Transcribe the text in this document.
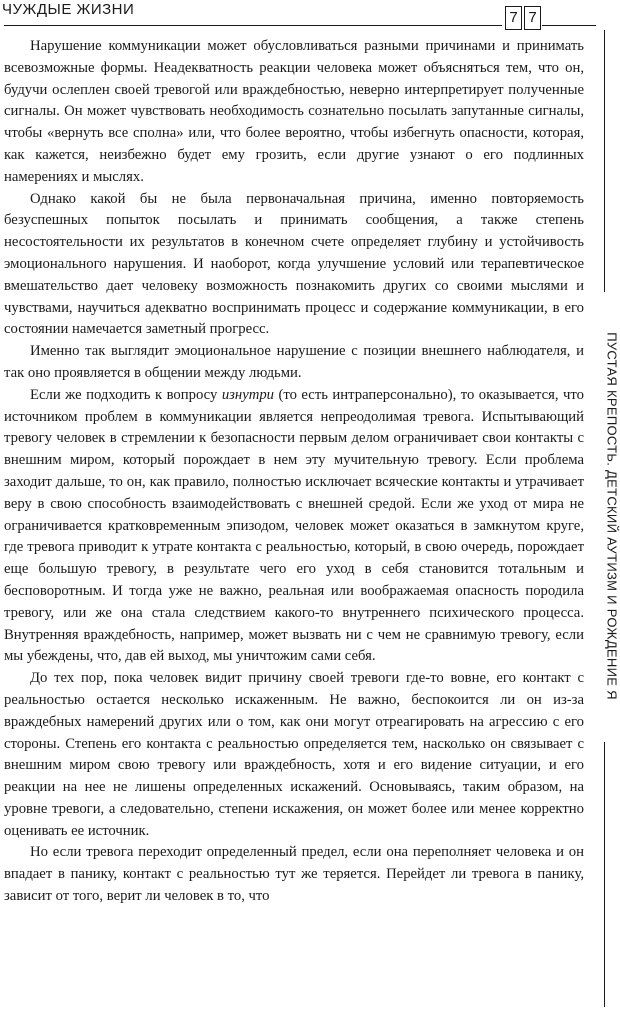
ЧУЖДЫЕ ЖИЗНИ	7 7
ПУСТАЯ КРЕПОСТЬ. ДЕТСКИЙ АУТИЗМ И РОЖДЕНИЕ Я

Нарушение коммуникации может обусловливаться разными причинами и принимать всевозможные формы. Неадекватность реакции человека может объясняться тем, что он, будучи ослеплен своей тревогой или враждебностью, неверно интерпретирует полученные сигналы. Он может чувствовать необходимость сознательно посылать запутанные сигналы, чтобы «вернуть все сполна» или, что более вероятно, чтобы избегнуть опасности, которая, как кажется, неизбежно будет ему грозить, если другие узнают о его подлинных намерениях и мыслях.

Однако какой бы не была первоначальная причина, именно повторяемость безуспешных попыток посылать и принимать сообщения, а также степень несостоятельности их результатов в конечном счете определяет глубину и устойчивость эмоционального нарушения. И наоборот, когда улучшение условий или терапевтическое вмешательство дает человеку возможность познакомить других со своими мыслями и чувствами, научиться адекватно воспринимать процесс и содержание коммуникации, в его состоянии намечается заметный прогресс.

Именно так выглядит эмоциональное нарушение с позиции внешнего наблюдателя, и так оно проявляется в общении между людьми.

Если же подходить к вопросу изнутри (то есть интраперсонально), то оказывается, что источником проблем в коммуникации является непреодолимая тревога. Испытывающий тревогу человек в стремлении к безопасности первым делом ограничивает свои контакты с внешним миром, который порождает в нем эту мучительную тревогу. Если проблема заходит дальше, то он, как правило, полностью исключает всяческие контакты и утрачивает веру в свою способность взаимодействовать с внешней средой. Если же уход от мира не ограничивается кратковременным эпизодом, человек может оказаться в замкнутом круге, где тревога приводит к утрате контакта с реальностью, который, в свою очередь, порождает еще большую тревогу, в результате чего его уход в себя становится тотальным и бесповоротным. И тогда уже не важно, реальная или воображаемая опасность породила тревогу, или же она стала следствием какого-то внутреннего психического процесса. Внутренняя враждебность, например, может вызвать ни с чем не сравнимую тревогу, если мы убеждены, что, дав ей выход, мы уничтожим сами себя.

До тех пор, пока человек видит причину своей тревоги где-то вовне, его контакт с реальностью остается несколько искаженным. Не важно, беспокоится ли он из-за враждебных намерений других или о том, как они могут отреагировать на агрессию с его стороны. Степень его контакта с реальностью определяется тем, насколько он связывает с внешним миром свою тревогу или враждебность, хотя и его видение ситуации, и его реакции на нее не лишены определенных искажений. Основываясь, таким образом, на уровне тревоги, а следовательно, степени искажения, он может более или менее корректно оценивать ее источник.

Но если тревога переходит определенный предел, если она переполняет человека и он впадает в панику, контакт с реальностью тут же теряется. Перейдет ли тревога в панику, зависит от того, верит ли человек в то, что
